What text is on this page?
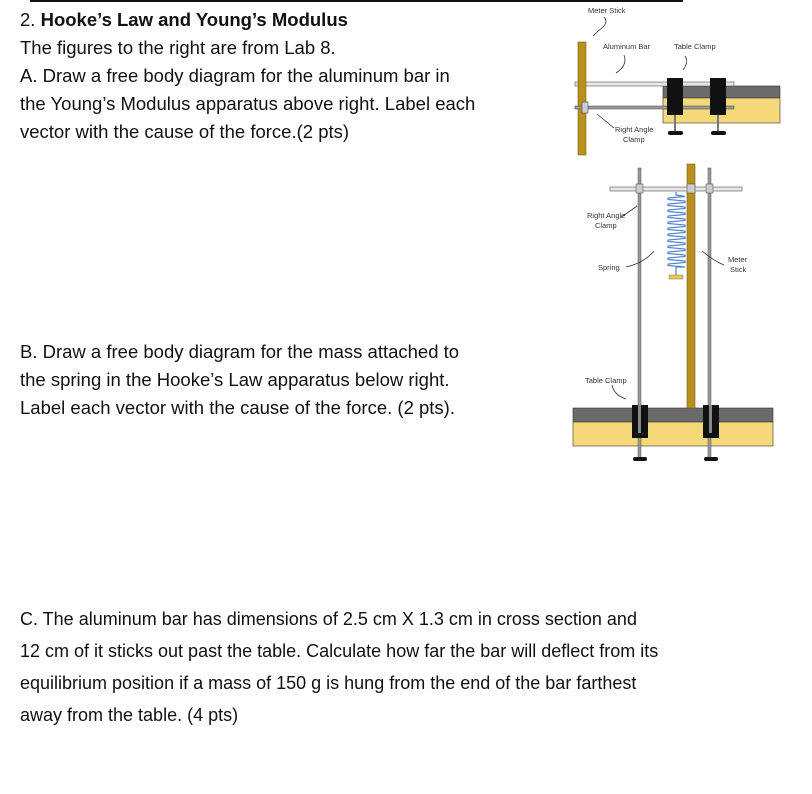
2. Hooke’s Law and Young’s Modulus
The figures to the right are from Lab 8.
A. Draw a free body diagram for the aluminum bar in
the Young’s Modulus apparatus above right. Label each
vector with the cause of the force.(2 pts)
B. Draw a free body diagram for the mass attached to
the spring in the Hooke’s Law apparatus below right.
Label each vector with the cause of the force. (2 pts).
C. The aluminum bar has dimensions of 2.5 cm X 1.3 cm in cross section and
12 cm of it sticks out past the table. Calculate how far the bar will deflect from its
equilibrium position if a mass of 150 g is hung from the end of the bar farthest
away from the table. (4 pts)
Meter Stick
Aluminum Bar	Table Clamp
Right Angle
Clamp
Right Angle
Clamp
Spring
Meter
Stick
Table Clamp
